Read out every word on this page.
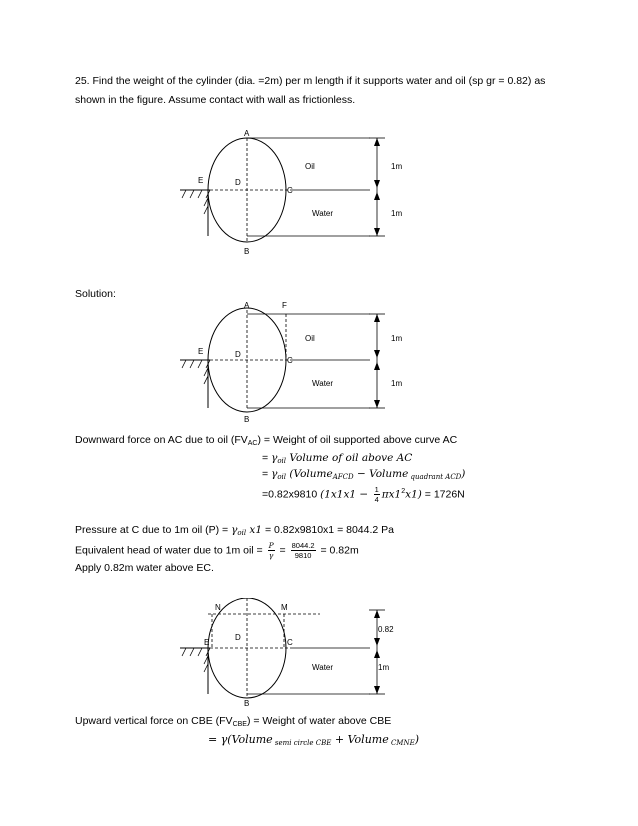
25. Find the weight of the cylinder (dia. =2m) per m length if it supports water and oil (sp gr = 0.82) as
shown in the figure. Assume contact with wall as frictionless.
A
B
C
D
E
Oil
Water
1m
1m
Solution:
A	F
B
C
D
E
Oil
Water
1m
1m
Downward force on AC due to oil $(FV_{AC})$ = Weight of oil supported above curve AC
= $\gamma_{oil}$ Volume of oil above AC
= $\gamma_{oil}$ (Volume$_{AFCD}$ − Volume $_{quadrant ACD}$)
=0.82x9810 $(1x1x1 - \frac{1}{4} \pi x1^2x1) = 1726N$
Pressure at C due to 1m oil $(P) = \gamma_{oil}$ x1 = 0.82x9810x1 = 8044.2 Pa
Equivalent head of water due to 1m oil = $\frac{P}{\gamma} = \frac{8044.2}{9810} = 0.82m$
Apply 0.82m water above EC.
N	M
B
C
D
E
Water
0.82
1m
Upward vertical force on CBE $(FV_{CBE})$ = Weight of water above CBE
= γ(Volume $_{semi circle CBE}$ + Volume $_{CMNE}$)
